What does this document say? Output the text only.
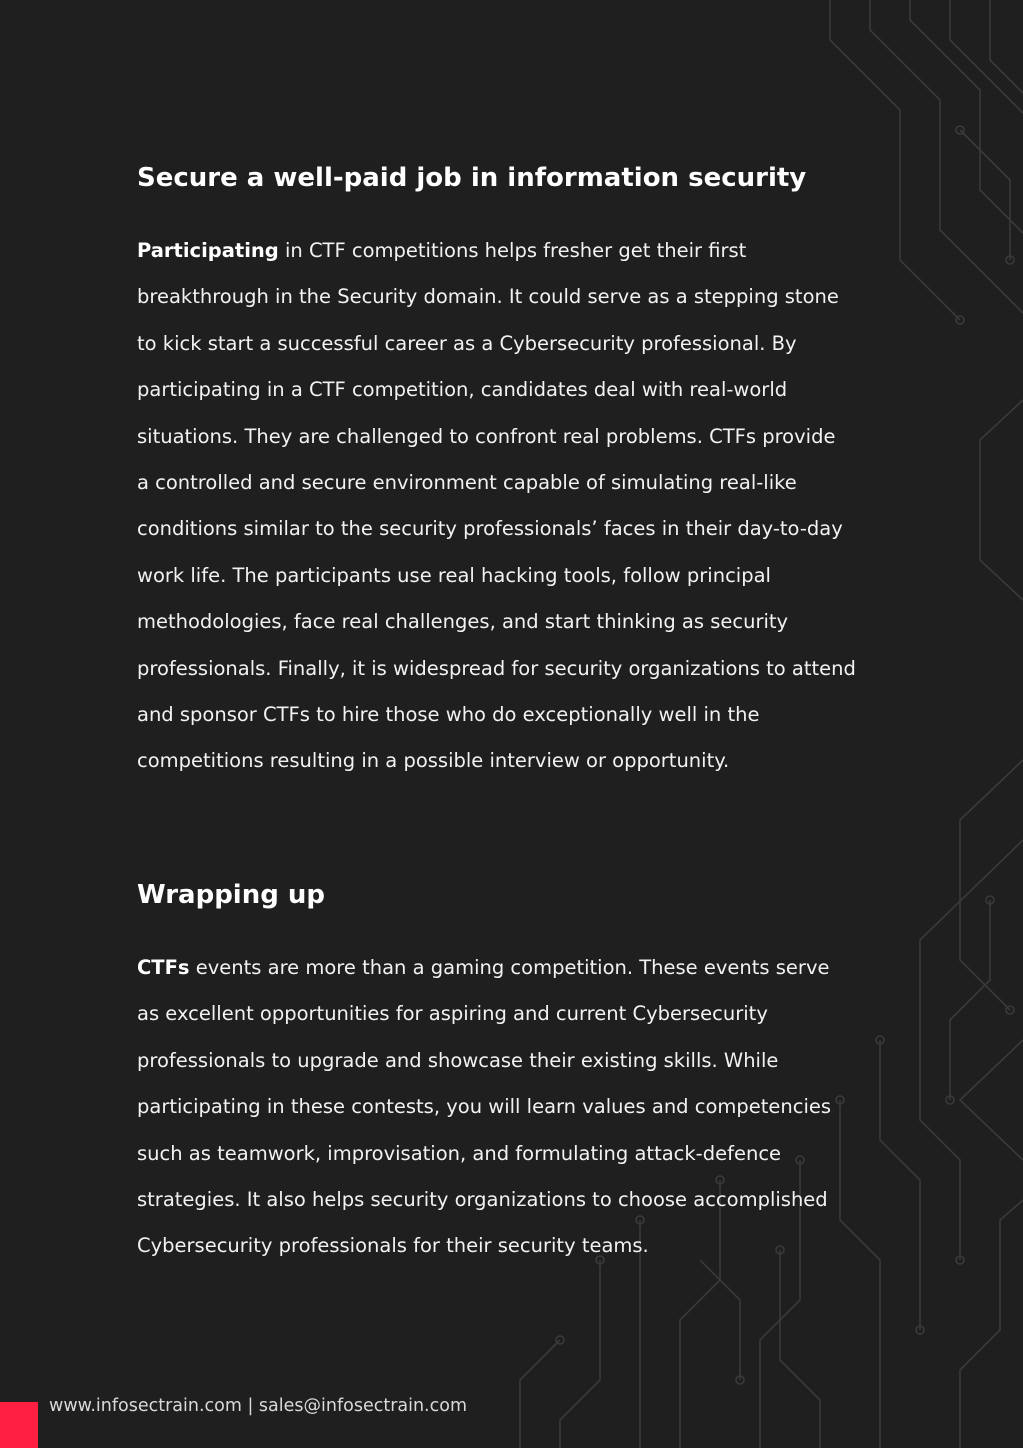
Secure a well-paid job in information security

Participating in CTF competitions helps fresher get their first
breakthrough in the Security domain. It could serve as a stepping stone
to kick start a successful career as a Cybersecurity professional. By
participating in a CTF competition, candidates deal with real-world
situations. They are challenged to confront real problems. CTFs provide
a controlled and secure environment capable of simulating real-like
conditions similar to the security professionals’ faces in their day-to-day
work life. The participants use real hacking tools, follow principal
methodologies, face real challenges, and start thinking as security
professionals. Finally, it is widespread for security organizations to attend
and sponsor CTFs to hire those who do exceptionally well in the
competitions resulting in a possible interview or opportunity.

Wrapping up

CTFs events are more than a gaming competition. These events serve
as excellent opportunities for aspiring and current Cybersecurity
professionals to upgrade and showcase their existing skills. While
participating in these contests, you will learn values and competencies
such as teamwork, improvisation, and formulating attack-defence
strategies. It also helps security organizations to choose accomplished
Cybersecurity professionals for their security teams.

www.infosectrain.com | sales@infosectrain.com
